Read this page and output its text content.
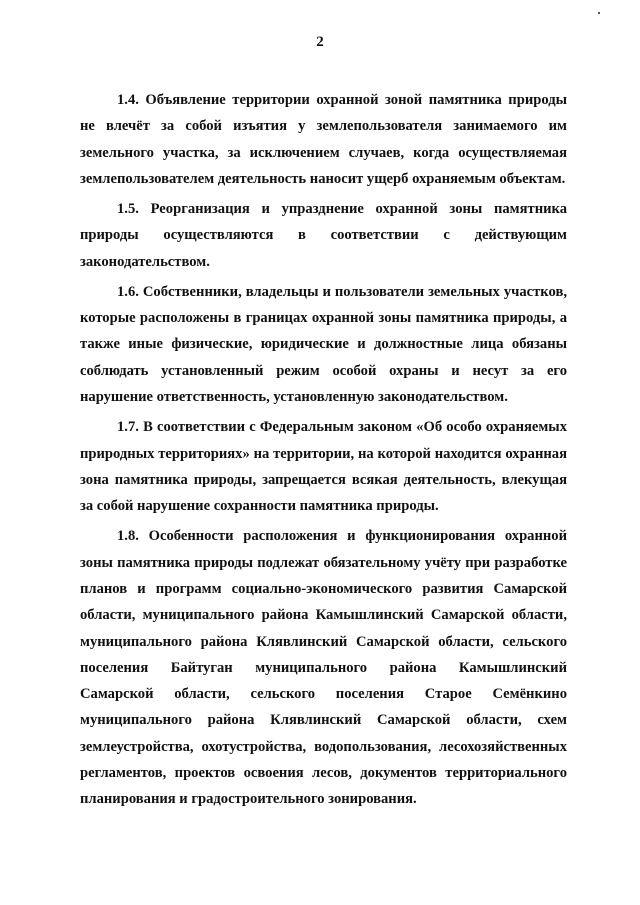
2

1.4. Объявление территории охранной зоной памятника природы не влечёт за собой изъятия у землепользователя занимаемого им земельного участка, за исключением случаев, когда осуществляемая землепользователем деятельность наносит ущерб охраняемым объектам.

1.5. Реорганизация и упразднение охранной зоны памятника природы осуществляются в соответствии с действующим законодательством.

1.6. Собственники, владельцы и пользователи земельных участков, которые расположены в границах охранной зоны памятника природы, а также иные физические, юридические и должностные лица обязаны соблюдать установленный режим особой охраны и несут за его нарушение ответственность, установленную законодательством.

1.7. В соответствии с Федеральным законом «Об особо охраняемых природных территориях» на территории, на которой находится охранная зона памятника природы, запрещается всякая деятельность, влекущая за собой нарушение сохранности памятника природы.

1.8. Особенности расположения и функционирования охранной зоны памятника природы подлежат обязательному учёту при разработке планов и программ социально-экономического развития Самарской области, муниципального района Камышлинский Самарской области, муниципального района Клявлинский Самарской области, сельского поселения Байтуган муниципального района Камышлинский Самарской области, сельского поселения Старое Семёнкино муниципального района Клявлинский Самарской области, схем землеустройства, охотустройства, водопользования, лесохозяйственных регламентов, проектов освоения лесов, документов территориального планирования и градостроительного зонирования.
